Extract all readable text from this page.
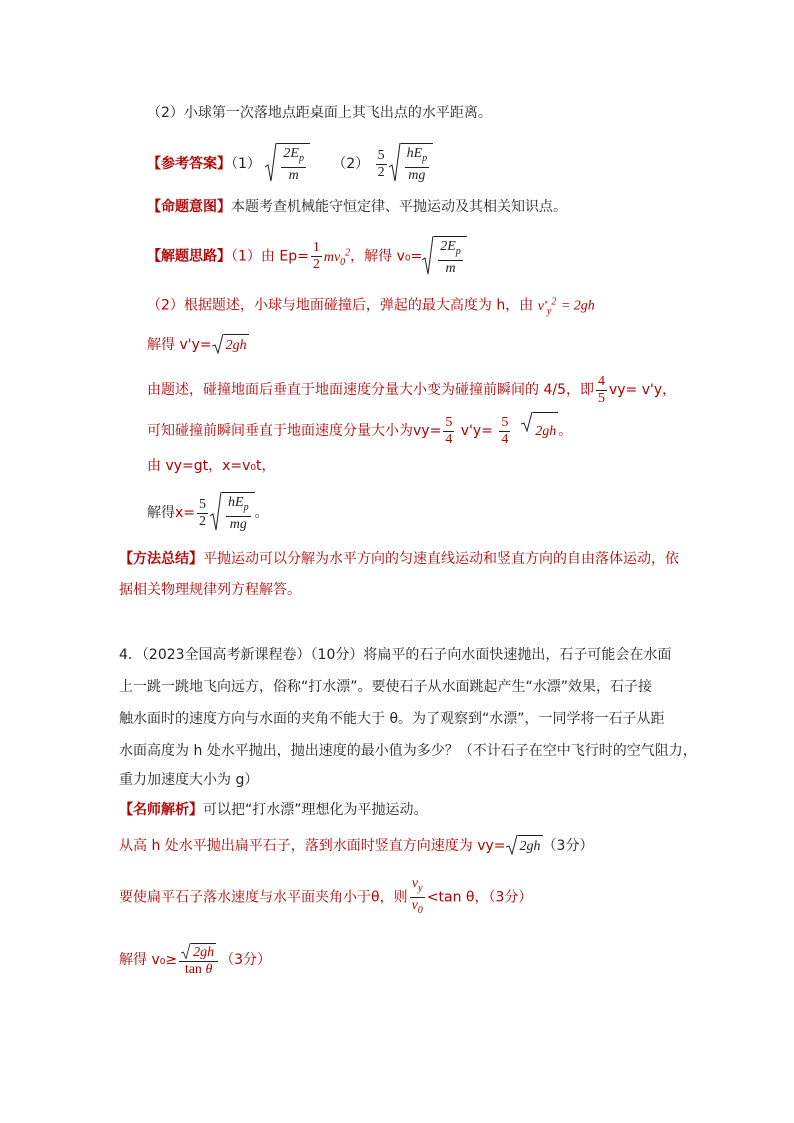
（2）小球第一次落地点距桌面上其飞出点的水平距离。
【参考答案】$(1) \frac{2E_p}{m} (2) \frac{5}{2} \frac{hE_p}{mg}$
【命题意图】本题考查机械能守恒定律、平抛运动及其相关知识点。
【解题思路】（1）由 $Ep= \frac{1}{2} mv_0^2$，解得 $v_0= \frac{2E_p}{m}$
（2）根据题述，小球与地面碰撞后，弹起的最大高度为 h，由 $v'_y^2 = 2gh$
解得 v'y= 2gh
由题述，碰撞地面后垂直于地面速度分量大小变为碰撞前瞬间的 4/5，即 $\frac{4}{5} vy= v'y$，
可知碰撞前瞬间垂直于地面速度分量大小为$vy= \frac{5}{4} v'y= \frac{5}{4}$
2gh 。
由 vy=gt，x=v₀t，
解得$x= \frac{5}{2} \frac{hE_p}{mg}$ 。
【方法总结】平抛运动可以分解为水平方向的匀速直线运动和竖直方向的自由落体运动，依
据相关物理规律列方程解答。
4．（2023全国高考新课程卷）（10分）将扁平的石子向水面快速抛出，石子可能会在水面
上一跳一跳地飞向远方，俗称“打水漂”。要使石子从水面跳起产生“水漂”效果，石子接
触水面时的速度方向与水面的夹角不能大于 θ。为了观察到“水漂”，一同学将一石子从距
水面高度为 h 处水平抛出，抛出速度的最小值为多少？（不计石子在空中飞行时的空气阻力，
重力加速度大小为 g）
【名师解析】可以把“打水漂”理想化为平抛运动。
从高 h 处水平抛出扁平石子，落到水面时竖直方向速度为 vy= 2gh （3分）
要使扁平石子落水速度与水平面夹角小于θ，则 $\frac{v_y}{v_0} <\tan$ θ，（3分）
解得 $v_0\ge \frac{2gh}{\text{tan θ}} (3$分）
